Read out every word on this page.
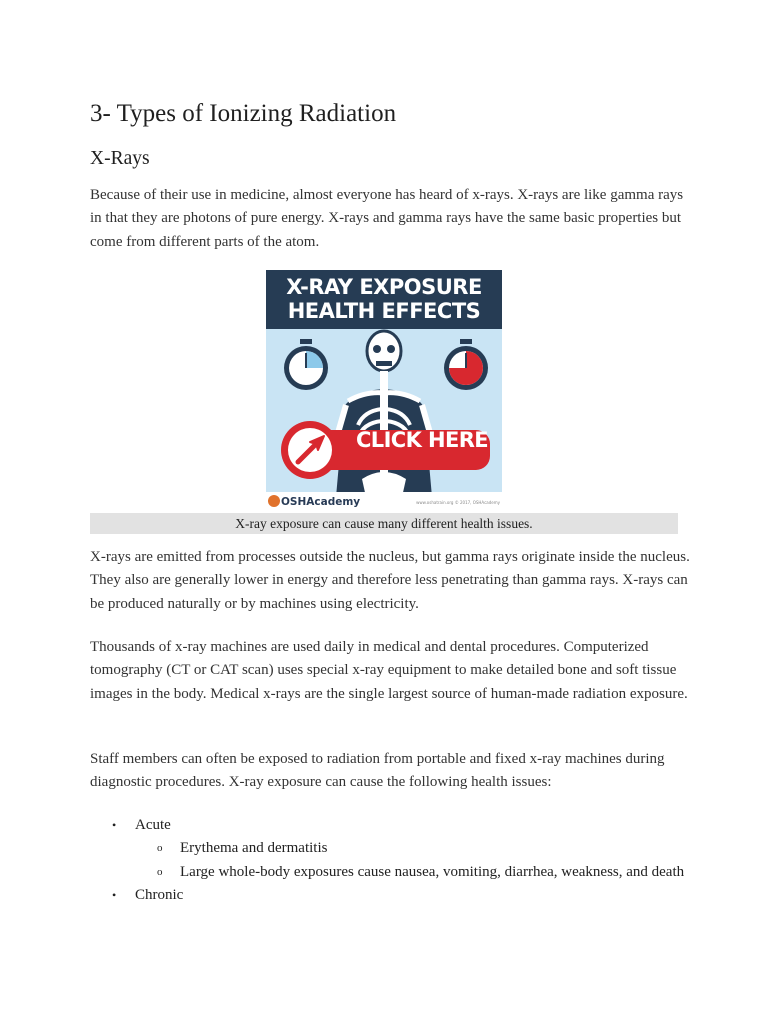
3- Types of Ionizing Radiation
X-Rays

Because of their use in medicine, almost everyone has heard of x-rays. X-rays are like gamma rays in that they are photons of pure energy. X-rays and gamma rays have the same basic properties but come from different parts of the atom.

X-RAY EXPOSURE
HEALTH EFFECTS
CLICK HERE
OSHAcademy	www.oshatrain.org © 2017, OSHAcademy
X-ray exposure can cause many different health issues.

X-rays are emitted from processes outside the nucleus, but gamma rays originate inside the nucleus. They also are generally lower in energy and therefore less penetrating than gamma rays. X-rays can be produced naturally or by machines using electricity.

Thousands of x-ray machines are used daily in medical and dental procedures. Computerized tomography (CT or CAT scan) uses special x-ray equipment to make detailed bone and soft tissue images in the body. Medical x-rays are the single largest source of human-made radiation exposure.

Staff members can often be exposed to radiation from portable and fixed x-ray machines during diagnostic procedures. X-ray exposure can cause the following health issues:

• Acute
o Erythema and dermatitis
o Large whole-body exposures cause nausea, vomiting, diarrhea, weakness, and death
• Chronic
